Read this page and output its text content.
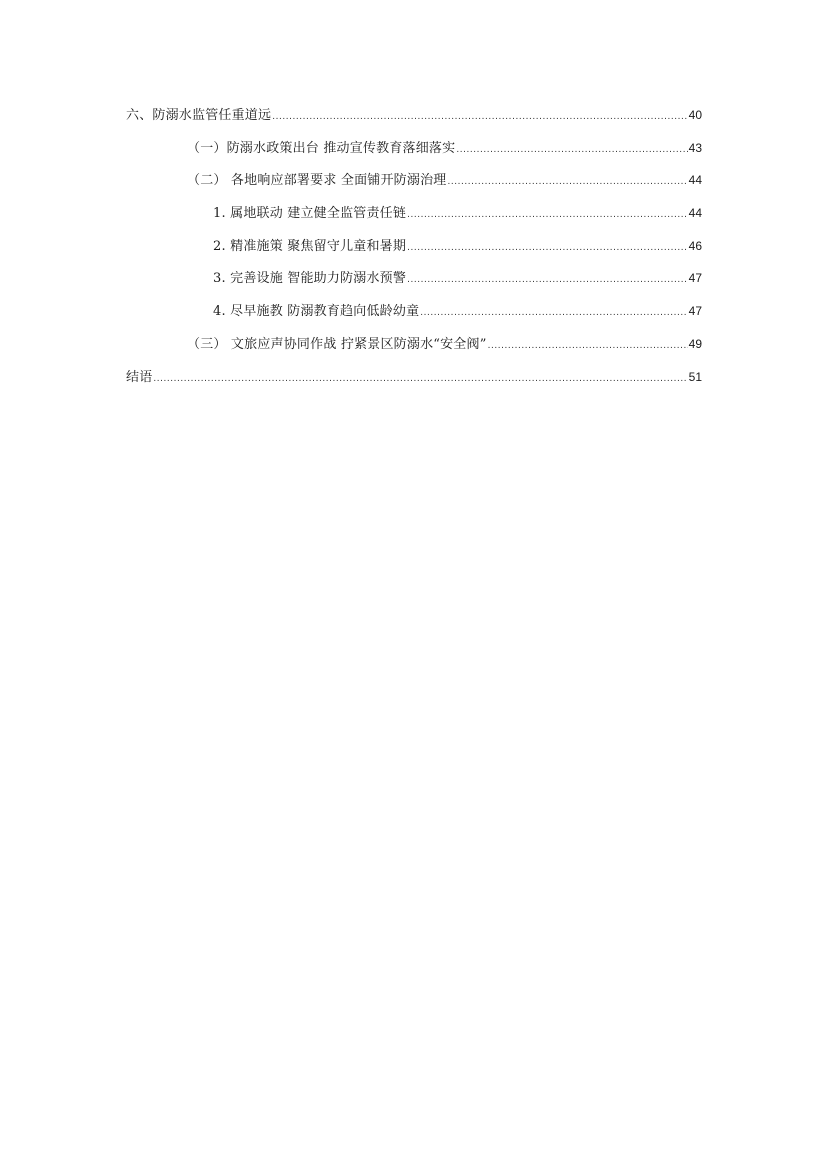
六、防溺水监管任重道远 .....	40
（一）防溺水政策出台 推动宣传教育落细落实 .....	43
（二） 各地响应部署要求 全面铺开防溺治理 .....	44
1. 属地联动 建立健全监管责任链 .....	44
2. 精准施策 聚焦留守儿童和暑期 .....	46
3. 完善设施 智能助力防溺水预警 .....	47
4. 尽早施教 防溺教育趋向低龄幼童 .....	47
（三） 文旅应声协同作战 拧紧景区防溺水“安全阀” .....	49
结语 .....	51
